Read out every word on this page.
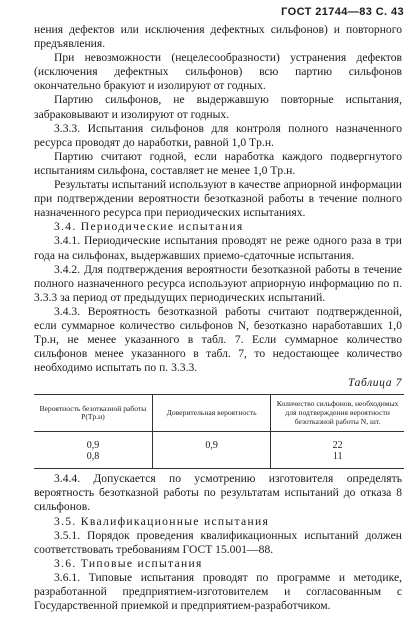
ГОСТ 21744—83 С. 43

нения дефектов или исключения дефектных сильфонов) и повторного предъявления.

При невозможности (нецелесообразности) устранения дефектов (исключения дефектных сильфонов) всю партию сильфонов окончательно бракуют и изолируют от годных.

Партию сильфонов, не выдержавшую повторные испытания, забраковывают и изолируют от годных.

3.3.3. Испытания сильфонов для контроля полного назначенного ресурса проводят до наработки, равной 1,0 Tр.н.

Партию считают годной, если наработка каждого подвергнутого испытаниям сильфона, составляет не менее 1,0 Tр.н.

Результаты испытаний используют в качестве априорной информации при подтверждении вероятности безотказной работы в течение полного назначенного ресурса при периодических испытаниях.

3.4. Периодические испытания

3.4.1. Периодические испытания проводят не реже одного раза в три года на сильфонах, выдержавших приемо-сдаточные испытания.

3.4.2. Для подтверждения вероятности безотказной работы в течение полного назначенного ресурса используют априорную информацию по п. 3.3.3 за период от предыдущих периодических испытаний.

3.4.3. Вероятность безотказной работы считают подтвержденной, если суммарное количество сильфонов N, безотказно наработавших 1,0 Tр.н, не менее указанного в табл. 7. Если суммарное количество сильфонов менее указанного в табл. 7, то недостающее количество необходимо испытать по п. 3.3.3.

Таблица 7

Вероятность безотказной работы P(Tр.н)	Доверительная вероятность	Количество сильфонов, необходимых для подтверждения вероятности безотказной работы N, шт.
0,9	0,9	22
0,8		11

3.4.4. Допускается по усмотрению изготовителя определять вероятность безотказной работы по результатам испытаний до отказа 8 сильфонов.

3.5. Квалификационные испытания

3.5.1. Порядок проведения квалификационных испытаний должен соответствовать требованиям ГОСТ 15.001—88.

3.6. Типовые испытания

3.6.1. Типовые испытания проводят по программе и методике, разработанной предприятием-изготовителем и согласованным с Государственной приемкой и предприятием-разработчиком.
